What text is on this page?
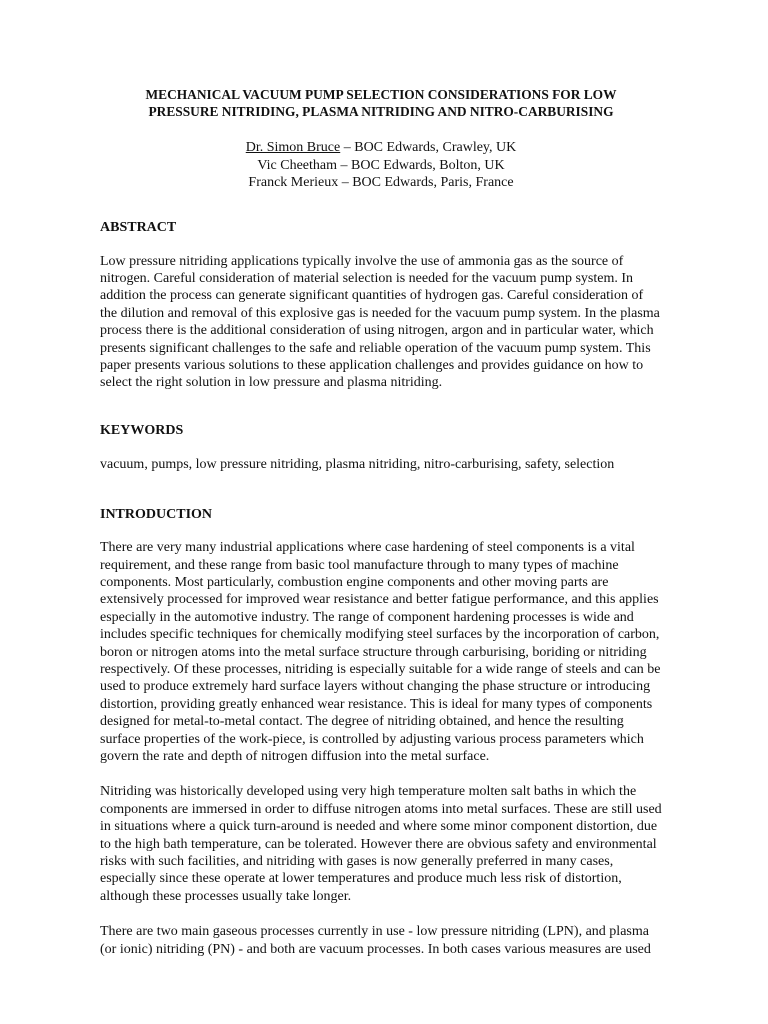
MECHANICAL VACUUM PUMP SELECTION CONSIDERATIONS FOR LOW
PRESSURE NITRIDING, PLASMA NITRIDING AND NITRO-CARBURISING
Dr. Simon Bruce – BOC Edwards, Crawley, UK
Vic Cheetham – BOC Edwards, Bolton, UK
Franck Merieux – BOC Edwards, Paris, France
ABSTRACT

Low pressure nitriding applications typically involve the use of ammonia gas as the source of nitrogen. Careful consideration of material selection is needed for the vacuum pump system. In addition the process can generate significant quantities of hydrogen gas. Careful consideration of the dilution and removal of this explosive gas is needed for the vacuum pump system. In the plasma process there is the additional consideration of using nitrogen, argon and in particular water, which presents significant challenges to the safe and reliable operation of the vacuum pump system. This paper presents various solutions to these application challenges and provides guidance on how to select the right solution in low pressure and plasma nitriding.

KEYWORDS

vacuum, pumps, low pressure nitriding, plasma nitriding, nitro-carburising, safety, selection

INTRODUCTION

There are very many industrial applications where case hardening of steel components is a vital requirement, and these range from basic tool manufacture through to many types of machine components. Most particularly, combustion engine components and other moving parts are extensively processed for improved wear resistance and better fatigue performance, and this applies especially in the automotive industry. The range of component hardening processes is wide and includes specific techniques for chemically modifying steel surfaces by the incorporation of carbon, boron or nitrogen atoms into the metal surface structure through carburising, boriding or nitriding respectively. Of these processes, nitriding is especially suitable for a wide range of steels and can be used to produce extremely hard surface layers without changing the phase structure or introducing distortion, providing greatly enhanced wear resistance. This is ideal for many types of components designed for metal-to-metal contact. The degree of nitriding obtained, and hence the resulting surface properties of the work-piece, is controlled by adjusting various process parameters which govern the rate and depth of nitrogen diffusion into the metal surface.

Nitriding was historically developed using very high temperature molten salt baths in which the components are immersed in order to diffuse nitrogen atoms into metal surfaces. These are still used in situations where a quick turn-around is needed and where some minor component distortion, due to the high bath temperature, can be tolerated. However there are obvious safety and environmental risks with such facilities, and nitriding with gases is now generally preferred in many cases, especially since these operate at lower temperatures and produce much less risk of distortion, although these processes usually take longer.

There are two main gaseous processes currently in use - low pressure nitriding (LPN), and plasma (or ionic) nitriding (PN) - and both are vacuum processes. In both cases various measures are used
